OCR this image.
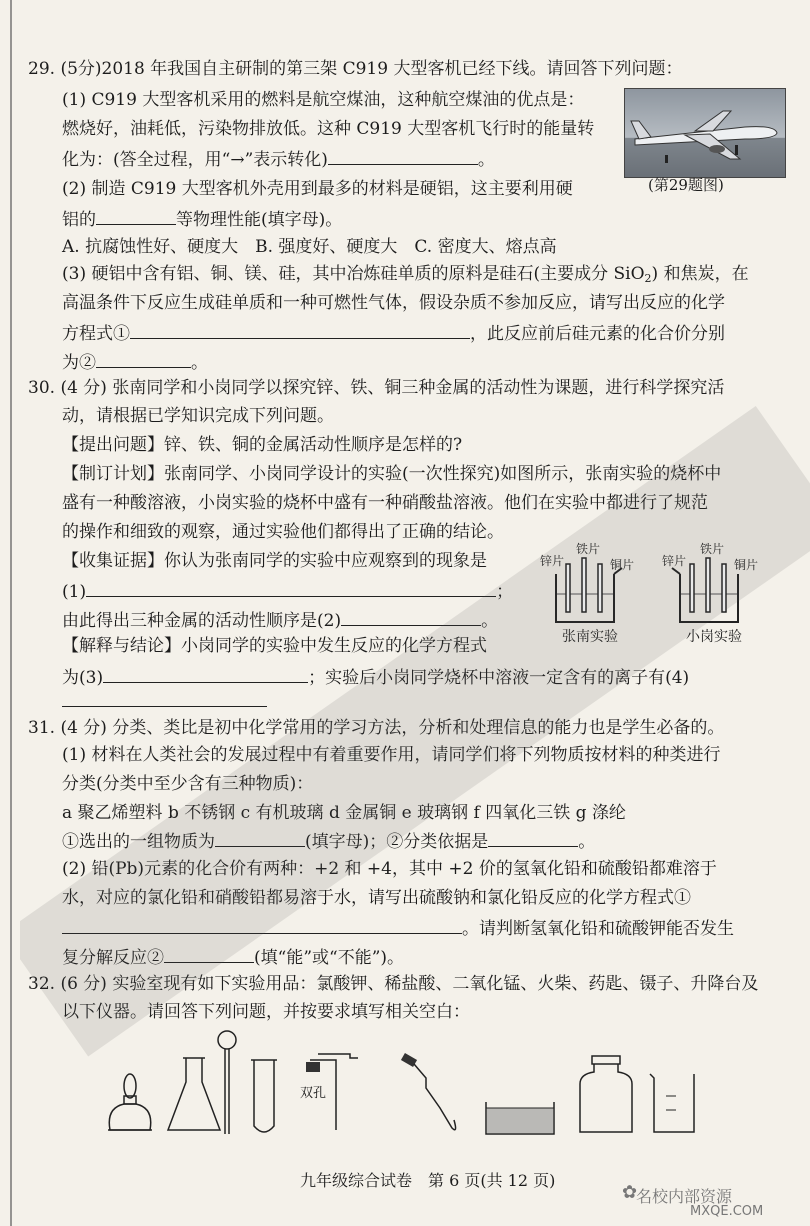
29. (5分)2018 年我国自主研制的第三架 C919 大型客机已经下线。请回答下列问题：
(1) C919 大型客机采用的燃料是航空煤油，这种航空煤油的优点是：
燃烧好，油耗低，污染物排放低。这种 C919 大型客机飞行时的能量转
化为：(答全过程，用“→”表示转化)	。
(2) 制造 C919 大型客机外壳用到最多的材料是硬铝，这主要利用硬
铝的	等物理性能(填字母)。
(第29题图)
A. 抗腐蚀性好、硬度大　B. 强度好、硬度大　C. 密度大、熔点高
(3) 硬铝中含有铝、铜、镁、硅，其中冶炼硅单质的原料是硅石(主要成分 SiO$_2$) 和焦炭，在
高温条件下反应生成硅单质和一种可燃性气体，假设杂质不参加反应，请写出反应的化学
方程式①	，此反应前后硅元素的化合价分别
为②	。
30. (4 分) 张南同学和小岗同学以探究锌、铁、铜三种金属的活动性为课题，进行科学探究活
动，请根据已学知识完成下列问题。
【提出问题】锌、铁、铜的金属活动性顺序是怎样的?
【制订计划】张南同学、小岗同学设计的实验(一次性探究)如图所示，张南实验的烧杯中
盛有一种酸溶液，小岗实验的烧杯中盛有一种硝酸盐溶液。他们在实验中都进行了规范
的操作和细致的观察，通过实验他们都得出了正确的结论。
【收集证据】你认为张南同学的实验中应观察到的现象是
(1)	；
由此得出三种金属的活动性顺序是(2)	。
【解释与结论】小岗同学的实验中发生反应的化学方程式
为(3)	；实验后小岗同学烧杯中溶液一定含有的离子有(4)
锌片
铁片
铜片
张南实验
锌片
铁片
铜片
小岗实验
31. (4 分) 分类、类比是初中化学常用的学习方法，分析和处理信息的能力也是学生必备的。
(1) 材料在人类社会的发展过程中有着重要作用，请同学们将下列物质按材料的种类进行
分类(分类中至少含有三种物质)：
a 聚乙烯塑料 b 不锈钢 c 有机玻璃 d 金属铜 e 玻璃钢 f 四氧化三铁 g 涤纶
①选出的一组物质为	(填字母)；②分类依据是	。
(2) 铅(Pb)元素的化合价有两种：+2 和 +4，其中 +2 价的氢氧化铅和硫酸铅都难溶于
水，对应的氯化铅和硝酸铅都易溶于水，请写出硫酸钠和氯化铅反应的化学方程式①
。请判断氢氧化铅和硫酸钾能否发生
复分解反应②	(填“能”或“不能”)。
32. (6 分) 实验室现有如下实验用品：氯酸钾、稀盐酸、二氧化锰、火柴、药匙、镊子、升降台及
以下仪器。请回答下列问题，并按要求填写相关空白：
双孔
九年级综合试卷　第 6 页(共 12 页)
名校内部资源
MXQE.COM
✿
